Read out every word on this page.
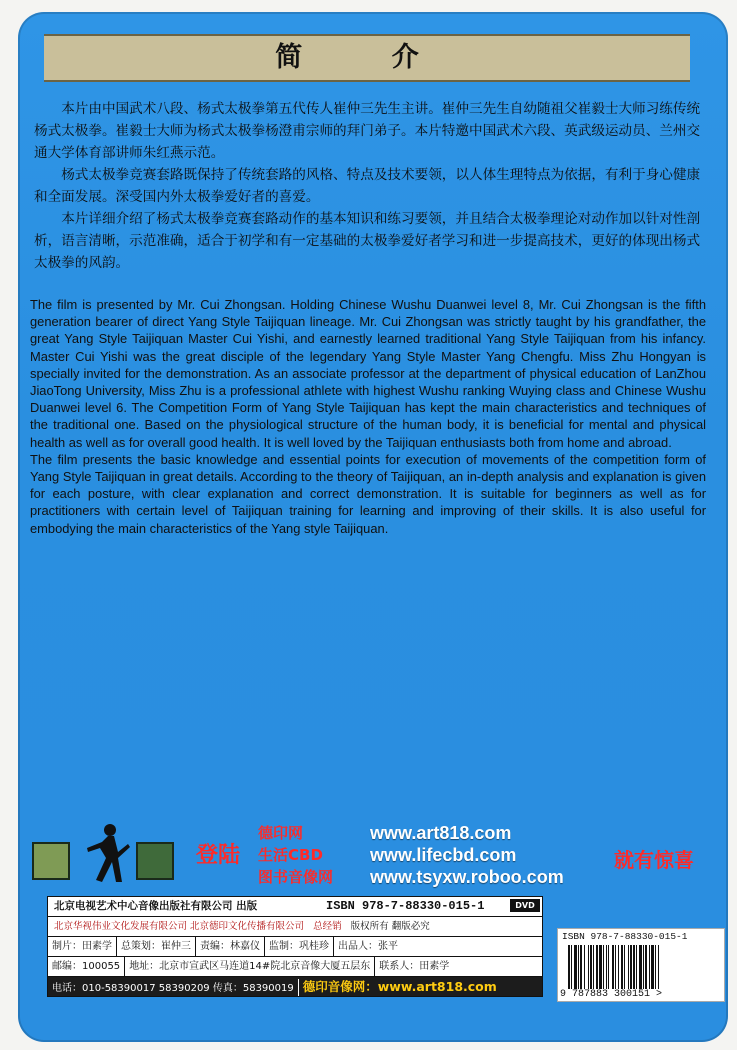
简 介

本片由中国武术八段、杨式太极拳第五代传人崔仲三先生主讲。崔仲三先生自幼随祖父崔毅士大师习练传统杨式太极拳。崔毅士大师为杨式太极拳杨澄甫宗师的拜门弟子。本片特邀中国武术六段、英武级运动员、兰州交通大学体育部讲师朱红燕示范。

杨式太极拳竞赛套路既保持了传统套路的风格、特点及技术要领，以人体生理特点为依据，有利于身心健康和全面发展。深受国内外太极拳爱好者的喜爱。

本片详细介绍了杨式太极拳竞赛套路动作的基本知识和练习要领，并且结合太极拳理论对动作加以针对性剖析，语言清晰，示范准确，适合于初学和有一定基础的太极拳爱好者学习和进一步提高技术，更好的体现出杨式太极拳的风韵。

The film is presented by Mr. Cui Zhongsan. Holding Chinese Wushu Duanwei level 8, Mr. Cui Zhongsan is the fifth generation bearer of direct Yang Style Taijiquan lineage. Mr. Cui Zhongsan was strictly taught by his grandfather, the great Yang Style Taijiquan Master Cui Yishi, and earnestly learned traditional Yang Style Taijiquan from his infancy. Master Cui Yishi was the great disciple of the legendary Yang Style Master Yang Chengfu. Miss Zhu Hongyan is specially invited for the demonstration. As an associate professor at the department of physical education of LanZhou JiaoTong University, Miss Zhu is a professional athlete with highest Wushu ranking Wuying class and Chinese Wushu Duanwei level 6. The Competition Form of Yang Style Taijiquan has kept the main characteristics and techniques of the traditional one. Based on the physiological structure of the human body, it is beneficial for mental and physical health as well as for overall good health. It is well loved by the Taijiquan enthusiasts both from home and abroad.

The film presents the basic knowledge and essential points for execution of movements of the competition form of Yang Style Taijiquan in great details. According to the theory of Taijiquan, an in-depth analysis and explanation is given for each posture, with clear explanation and correct demonstration. It is suitable for beginners as well as for practitioners with certain level of Taijiquan training for learning and improving of their skills. It is also useful for embodying the main characteristics of the Yang style Taijiquan.

登陆
德印网
生活CBD
图书音像网
www.art818.com
www.lifecbd.com
www.tsyxw.roboo.com
就有惊喜
北京电视艺术中心音像出版社有限公司 出版	ISBN 978-7-88330-015-1	DVD
北京华视伟业文化发展有限公司 北京德印文化传播有限公司 总经销 版权所有 翻版必究
制片：田素学 总策划：崔仲三 责编：林嘉仪 监制：巩桂珍 出品人：张平
邮编：100055 地址：北京市宣武区马连道14#院北京音像大厦五层东 联系人：田素学
电话：010-58390017 58390209 传真：58390019 德印音像网：www.art818.com
ISBN 978-7-88330-015-1
9 787883 300151 >
